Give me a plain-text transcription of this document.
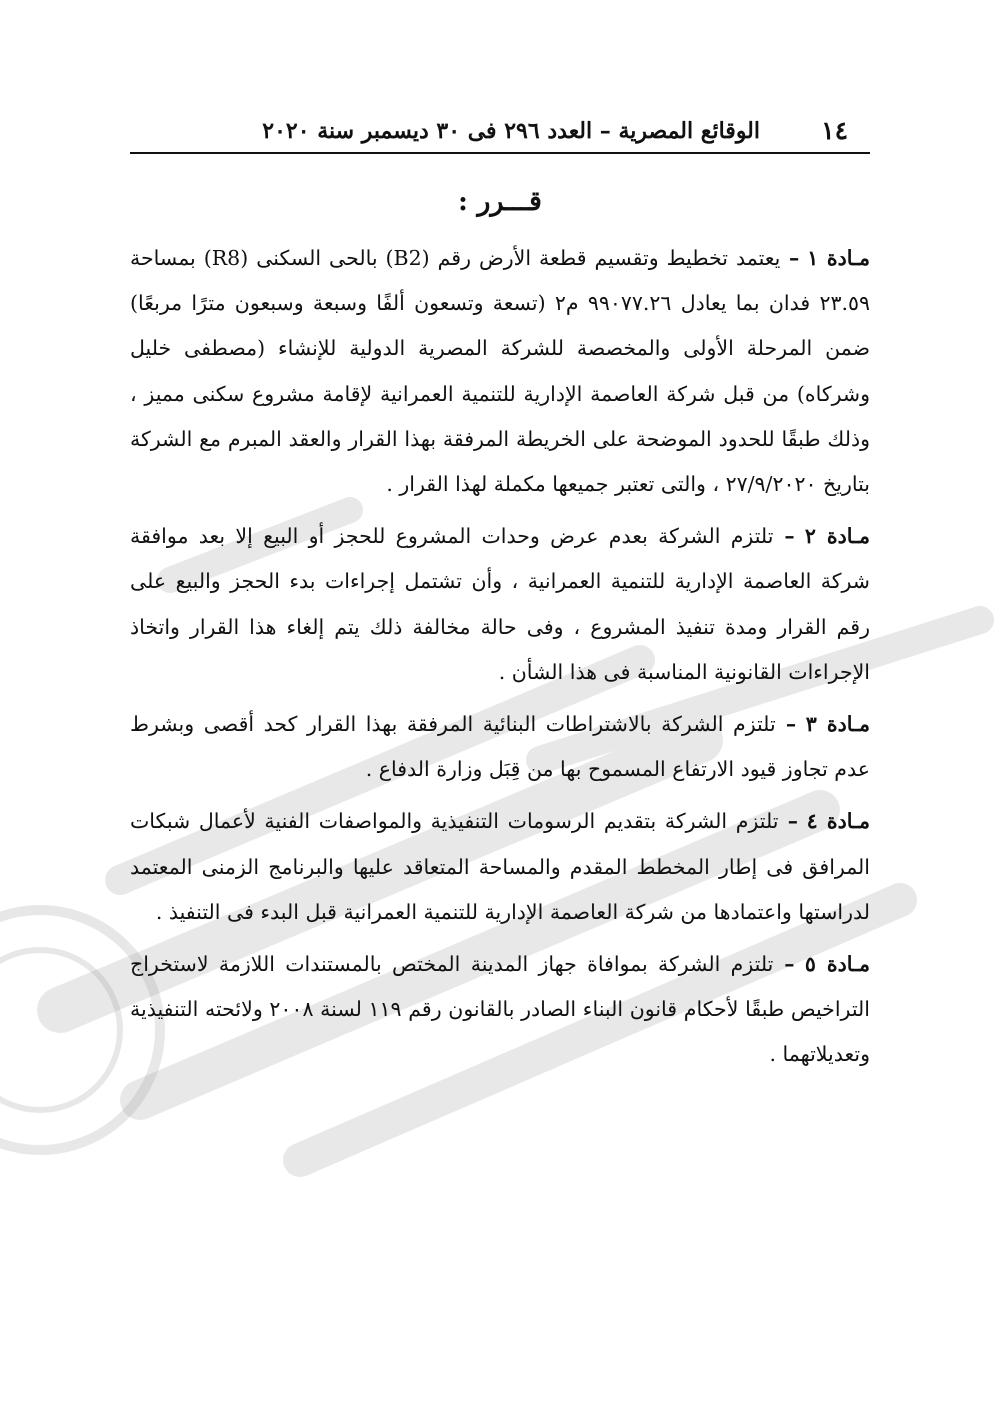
١٤
الوقائع المصرية – العدد ٢٩٦ فى ٣٠ ديسمبر سنة ٢٠٢٠
قـــرر :

مـادة ١ – يعتمد تخطيط وتقسيم قطعة الأرض رقم (B2) بالحى السكنى (R8) بمساحة ٢٣.٥٩ فدان بما يعادل ٩٩٠٧٧.٢٦ م٢ (تسعة وتسعون ألفًا وسبعة وسبعون مترًا مربعًا) ضمن المرحلة الأولى والمخصصة للشركة المصرية الدولية للإنشاء (مصطفى خليل وشركاه) من قبل شركة العاصمة الإدارية للتنمية العمرانية لإقامة مشروع سكنى مميز ، وذلك طبقًا للحدود الموضحة على الخريطة المرفقة بهذا القرار والعقد المبرم مع الشركة بتاريخ ٢٧/٩/٢٠٢٠ ، والتى تعتبر جميعها مكملة لهذا القرار .

مـادة ٢ – تلتزم الشركة بعدم عرض وحدات المشروع للحجز أو البيع إلا بعد موافقة شركة العاصمة الإدارية للتنمية العمرانية ، وأن تشتمل إجراءات بدء الحجز والبيع على رقم القرار ومدة تنفيذ المشروع ، وفى حالة مخالفة ذلك يتم إلغاء هذا القرار واتخاذ الإجراءات القانونية المناسبة فى هذا الشأن .

مـادة ٣ – تلتزم الشركة بالاشتراطات البنائية المرفقة بهذا القرار كحد أقصى وبشرط عدم تجاوز قيود الارتفاع المسموح بها من قِبَل وزارة الدفاع .

مـادة ٤ – تلتزم الشركة بتقديم الرسومات التنفيذية والمواصفات الفنية لأعمال شبكات المرافق فى إطار المخطط المقدم والمساحة المتعاقد عليها والبرنامج الزمنى المعتمد لدراستها واعتمادها من شركة العاصمة الإدارية للتنمية العمرانية قبل البدء فى التنفيذ .

مـادة ٥ – تلتزم الشركة بموافاة جهاز المدينة المختص بالمستندات اللازمة لاستخراج التراخيص طبقًا لأحكام قانون البناء الصادر بالقانون رقم ١١٩ لسنة ٢٠٠٨ ولائحته التنفيذية وتعديلاتهما .
